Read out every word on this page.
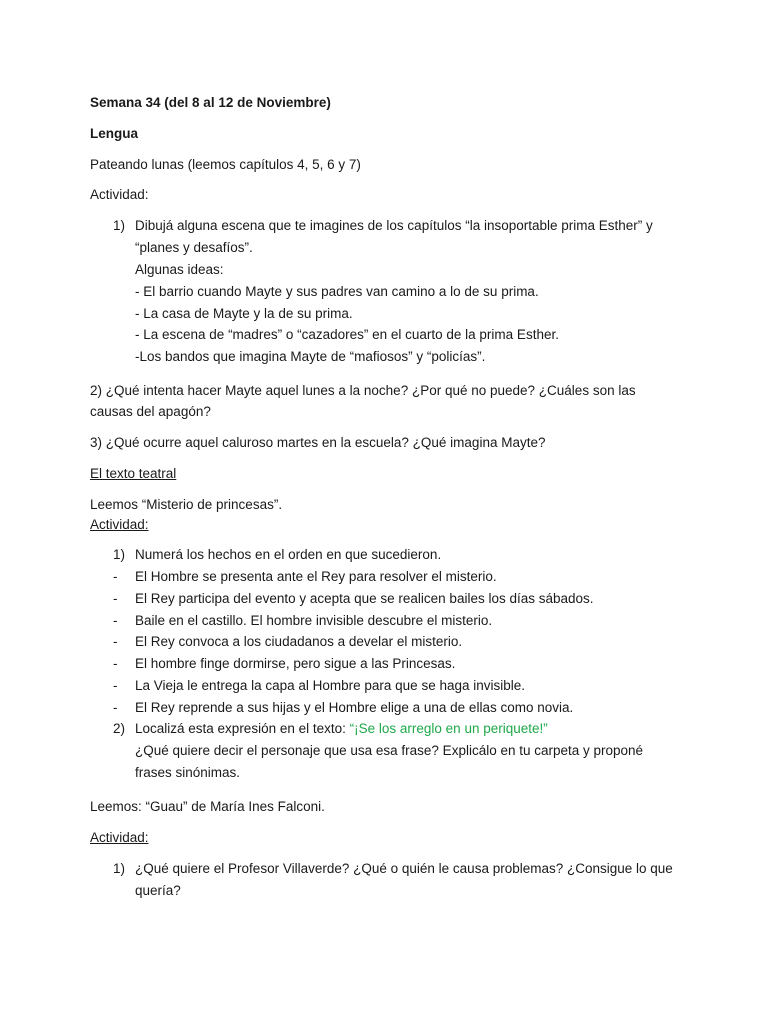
Semana 34 (del 8 al 12 de Noviembre)
Lengua
Pateando lunas (leemos capítulos 4, 5, 6 y 7)
Actividad:
1) Dibujá alguna escena que te imagines de los capítulos “la insoportable prima Esther” y
“planes y desafíos”.
Algunas ideas:
- El barrio cuando Mayte y sus padres van camino a lo de su prima.
- La casa de Mayte y la de su prima.
- La escena de “madres” o “cazadores” en el cuarto de la prima Esther.
-Los bandos que imagina Mayte de “mafiosos” y “policías”.
2) ¿Qué intenta hacer Mayte aquel lunes a la noche? ¿Por qué no puede? ¿Cuáles son las
causas del apagón?
3) ¿Qué ocurre aquel caluroso martes en la escuela? ¿Qué imagina Mayte?
El texto teatral
Leemos “Misterio de princesas”.
Actividad:
1) Numerá los hechos en el orden en que sucedieron.
- El Hombre se presenta ante el Rey para resolver el misterio.
- El Rey participa del evento y acepta que se realicen bailes los días sábados.
- Baile en el castillo. El hombre invisible descubre el misterio.
- El Rey convoca a los ciudadanos a develar el misterio.
- El hombre finge dormirse, pero sigue a las Princesas.
- La Vieja le entrega la capa al Hombre para que se haga invisible.
- El Rey reprende a sus hijas y el Hombre elige a una de ellas como novia.
2) Localizá esta expresión en el texto: “¡Se los arreglo en un periquete!”
¿Qué quiere decir el personaje que usa esa frase? Explicálo en tu carpeta y proponé
frases sinónimas.
Leemos: “Guau” de María Ines Falconi.
Actividad:
1) ¿Qué quiere el Profesor Villaverde? ¿Qué o quién le causa problemas? ¿Consigue lo que
quería?
